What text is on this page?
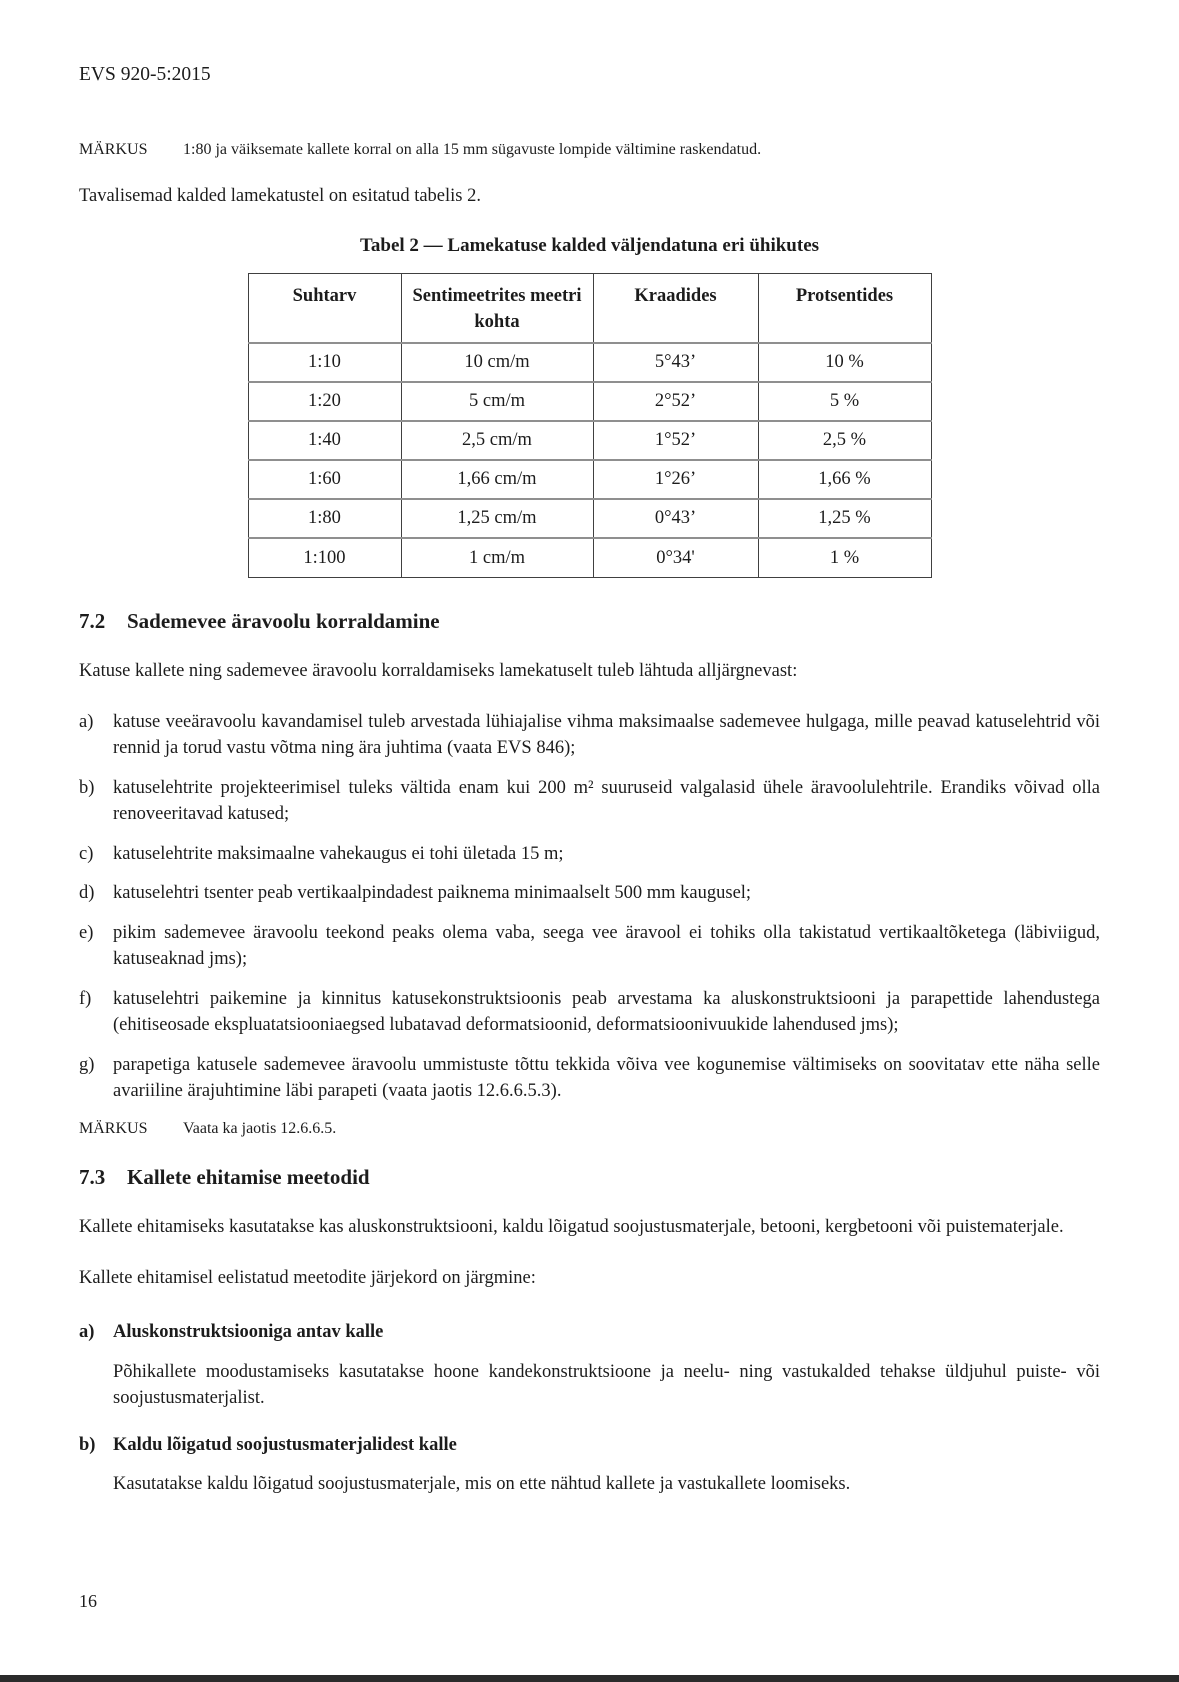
EVS 920-5:2015
MÄRKUS	1:80 ja väiksemate kallete korral on alla 15 mm sügavuste lompide vältimine raskendatud.
Tavalisemad kalded lamekatustel on esitatud tabelis 2.
Tabel 2 — Lamekatuse kalded väljendatuna eri ühikutes
Suhtarv	Sentimeetrites meetri kohta	Kraadides	Protsentides
1:10	10 cm/m	5°43’	10 %
1:20	5 cm/m	2°52’	5 %
1:40	2,5 cm/m	1°52’	2,5 %
1:60	1,66 cm/m	1°26’	1,66 %
1:80	1,25 cm/m	0°43’	1,25 %
1:100	1 cm/m	0°34'	1 %
7.2 Sademevee äravoolu korraldamine
Katuse kallete ning sademevee äravoolu korraldamiseks lamekatuselt tuleb lähtuda alljärgnevast:
a)	katuse veeäravoolu kavandamisel tuleb arvestada lühiajalise vihma maksimaalse sademevee hulgaga, mille peavad katuselehtrid või rennid ja torud vastu võtma ning ära juhtima (vaata EVS 846);
b)	katuselehtrite projekteerimisel tuleks vältida enam kui 200 m² suuruseid valgalasid ühele äravoolulehtrile. Erandiks võivad olla renoveeritavad katused;
c)	katuselehtrite maksimaalne vahekaugus ei tohi ületada 15 m;
d)	katuselehtri tsenter peab vertikaalpindadest paiknema minimaalselt 500 mm kaugusel;
e)	pikim sademevee äravoolu teekond peaks olema vaba, seega vee äravool ei tohiks olla takistatud vertikaaltõketega (läbiviigud, katuseaknad jms);
f)	katuselehtri paikemine ja kinnitus katusekonstruktsioonis peab arvestama ka aluskonstruktsiooni ja parapettide lahendustega (ehitiseosade ekspluatatsiooniaegsed lubatavad deformatsioonid, deformatsioonivuukide lahendused jms);
g)	parapetiga katusele sademevee äravoolu ummistuste tõttu tekkida võiva vee kogunemise vältimiseks on soovitatav ette näha selle avariiline ärajuhtimine läbi parapeti (vaata jaotis 12.6.6.5.3).
MÄRKUS	Vaata ka jaotis 12.6.6.5.
7.3 Kallete ehitamise meetodid
Kallete ehitamiseks kasutatakse kas aluskonstruktsiooni, kaldu lõigatud soojustusmaterjale, betooni, kergbetooni või puistematerjale.
Kallete ehitamisel eelistatud meetodite järjekord on järgmine:
a)	Aluskonstruktsiooniga antav kalle
Põhikallete moodustamiseks kasutatakse hoone kandekonstruktsioone ja neelu- ning vastukalded tehakse üldjuhul puiste- või soojustusmaterjalist.
b) Kaldu lõigatud soojustusmaterjalidest kalle
Kasutatakse kaldu lõigatud soojustusmaterjale, mis on ette nähtud kallete ja vastukallete loomiseks.
16
